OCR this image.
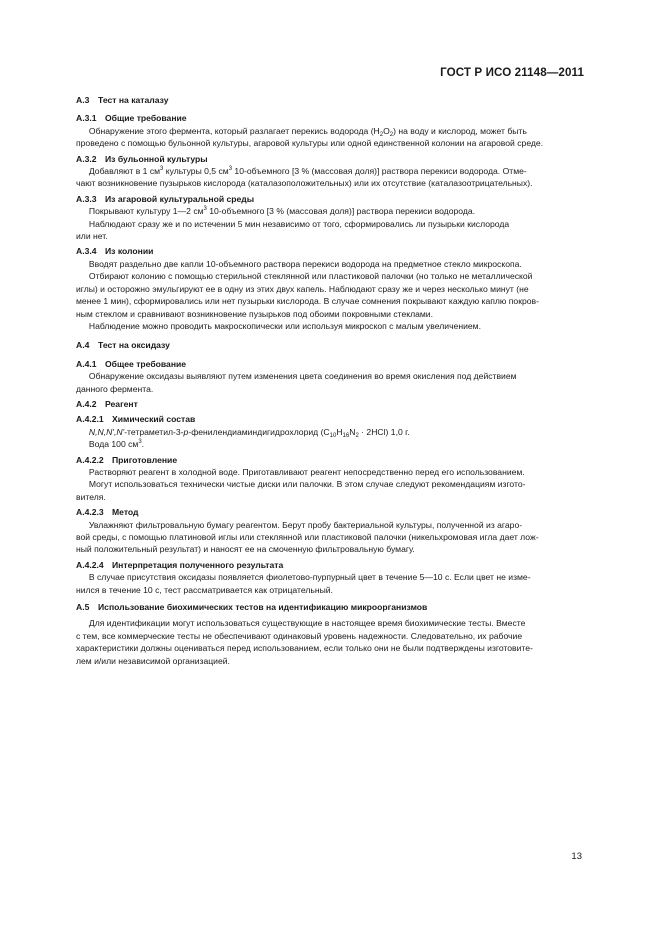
ГОСТ Р ИСО 21148—2011

A.3 Тест на каталазу

A.3.1 Общие требование

  Обнаружение этого фермента, который разлагает перекись водорода $(H_2O_2)$ на воду и кислород, может быть

проведено с помощью бульонной культуры, агаровой культуры или одной единственной колонии на агаровой среде.

A.3.2 Из бульонной культуры

  Добавляют в 1 $см^3$ культуры 0,5 $см^3$ 10-объемного [3 % (массовая доля)] раствора перекиси водорода. Отме-

чают возникновение пузырьков кислорода (каталазоположительных) или их отсутствие (каталазоотрицательных).

A.3.3 Из агаровой культуральной среды

  Покрывают культуру 1—2 $см^3$ 10-объемного [3 % (массовая доля)] раствора перекиси водорода.

  Наблюдают сразу же и по истечении 5 мин независимо от того, сформировались ли пузырьки кислорода

или нет.

A.3.4 Из колонии

  Вводят раздельно две капли 10-объемного раствора перекиси водорода на предметное стекло микроскопа.

  Отбирают колонию с помощью стерильной стеклянной или пластиковой палочки (но только не металлической

иглы) и осторожно эмульгируют ее в одну из этих двух капель. Наблюдают сразу же и через несколько минут (не

менее 1 мин), сформировались или нет пузырьки кислорода. В случае сомнения покрывают каждую каплю покров-

ным стеклом и сравнивают возникновение пузырьков под обоими покровными стеклами.

  Наблюдение можно проводить макроскопически или используя микроскоп с малым увеличением.

A.4 Тест на оксидазу

A.4.1 Общее требование

  Обнаружение оксидазы выявляют путем изменения цвета соединения во время окисления под действием

данного фермента.

A.4.2 Реагент

A.4.2.1 Химический состав

  N,N,N',N'-тетраметил-3-p-фенилендиаминдигидрохлорид $(C_{10}H_{16}N_2 \cdot 2HCl)$ 1,0 г.

  Вода 100 $см^3$.

A.4.2.2 Приготовление

  Растворяют реагент в холодной воде. Приготавливают реагент непосредственно перед его использованием.

  Могут использоваться технически чистые диски или палочки. В этом случае следуют рекомендациям изгото-

вителя.

A.4.2.3 Метод

  Увлажняют фильтровальную бумагу реагентом. Берут пробу бактериальной культуры, полученной из агаро-

вой среды, с помощью платиновой иглы или стеклянной или пластиковой палочки (никельхромовая игла дает лож-

ный положительный результат) и наносят ее на смоченную фильтровальную бумагу.

A.4.2.4 Интерпретация полученного результата

  В случае присутствия оксидазы появляется фиолетово-пурпурный цвет в течение 5—10 с. Если цвет не изме-

нился в течение 10 с, тест рассматривается как отрицательный.

A.5 Использование биохимических тестов на идентификацию микроорганизмов

  Для идентификации могут использоваться существующие в настоящее время биохимические тесты. Вместе

с тем, все коммерческие тесты не обеспечивают одинаковый уровень надежности. Следовательно, их рабочие

характеристики должны оцениваться перед использованием, если только они не были подтверждены изготовите-

лем и/или независимой организацией.

13
